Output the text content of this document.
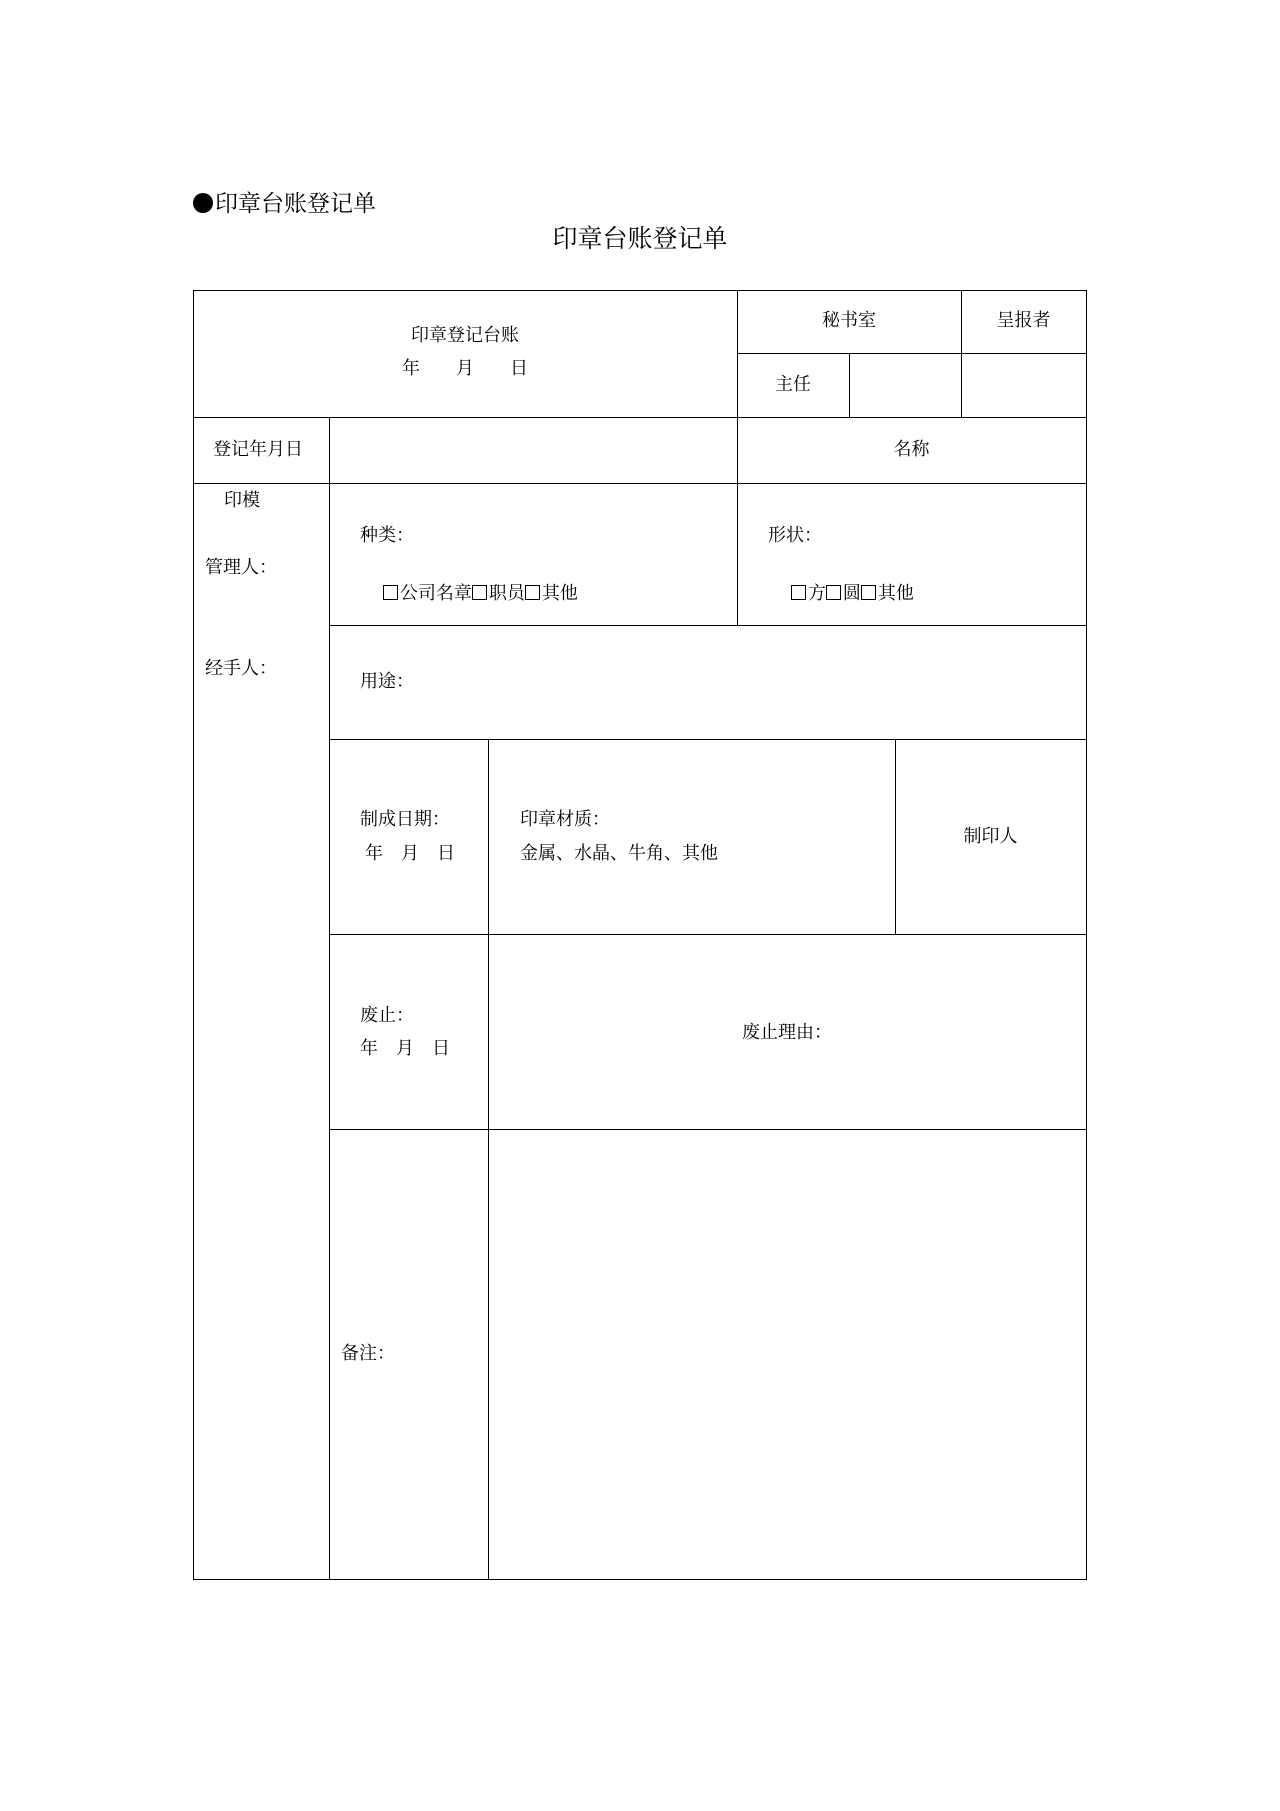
印章台账登记单
印章台账登记单
印章登记台账
年　　月　　日
秘书室	呈报者
主任
登记年月日	名称
印模
管理人：
经手人：
种类：

公司名章 职员 其他

形状：

方 圆 其他

用途：
制成日期：
年　月　日
印章材质：
金属、水晶、牛角、其他
制印人
废止：
年　月　日
废止理由：
备注：
